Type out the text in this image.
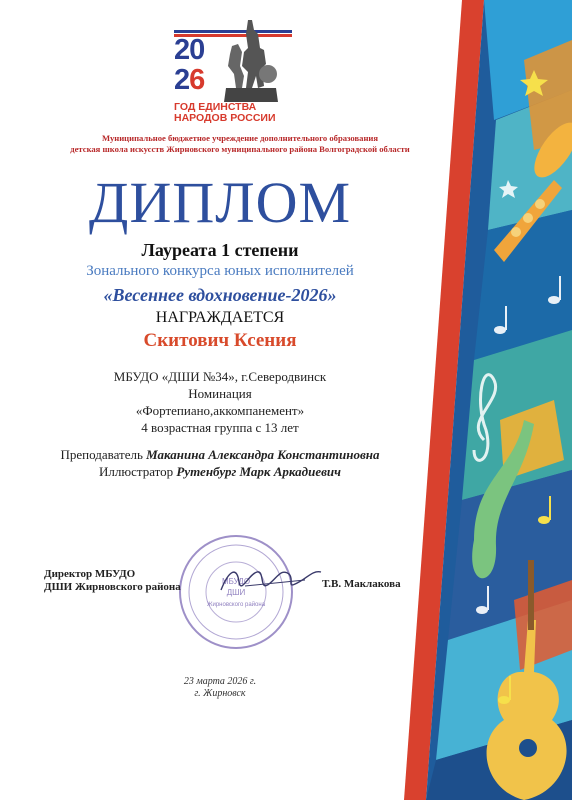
20
26
ГОД ЕДИНСТВА
НАРОДОВ РОССИИ
Муниципальное бюджетное учреждение дополнительного образования
детская школа искусств Жирновского муниципального района Волгоградской области
ДИПЛОМ
Лауреата 1 степени
Зонального конкурса юных исполнителей
«Весеннее вдохновение-2026»
НАГРАЖДАЕТСЯ
Скитович Ксения
МБУДО «ДШИ №34», г.Северодвинск
Номинация
«Фортепиано,аккомпанемент»
4 возрастная группа с 13 лет
Преподаватель Маканина Александра Константиновна
Иллюстратор Рутенбург Марк Аркадиевич
МБУДО
ДШИ
Жирновского района
Директор МБУДО
ДШИ Жирновского района	Т.В. Маклакова
23 марта 2026 г.
г. Жирновск
